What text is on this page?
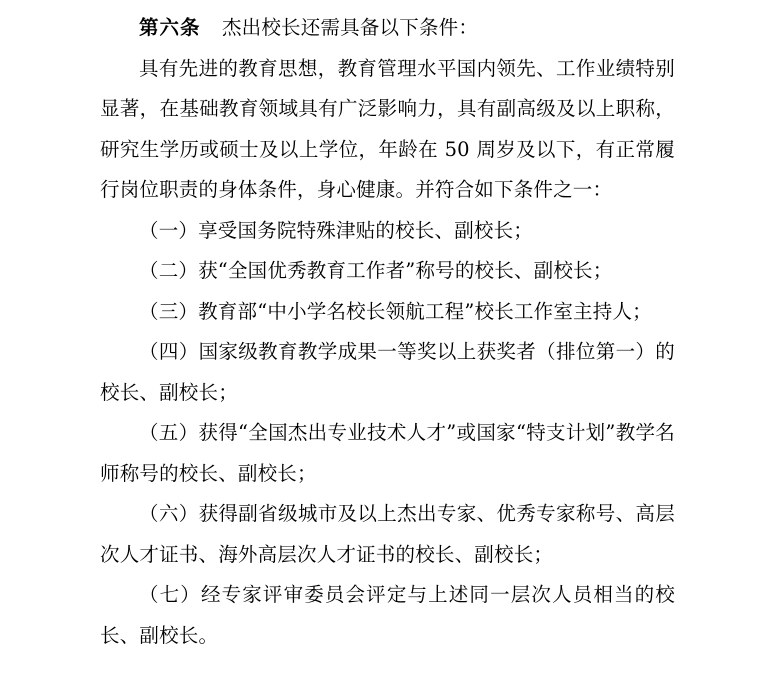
第六条 杰出校长还需具备以下条件：

具有先进的教育思想，教育管理水平国内领先、工作业绩特别显著，在基础教育领域具有广泛影响力，具有副高级及以上职称，研究生学历或硕士及以上学位，年龄在 50 周岁及以下，有正常履行岗位职责的身体条件，身心健康。并符合如下条件之一：

（一）享受国务院特殊津贴的校长、副校长；

（二）获“全国优秀教育工作者”称号的校长、副校长；

（三）教育部“中小学名校长领航工程”校长工作室主持人；

（四）国家级教育教学成果一等奖以上获奖者（排位第一）的校长、副校长；

（五）获得“全国杰出专业技术人才”或国家“特支计划”教学名师称号的校长、副校长；

（六）获得副省级城市及以上杰出专家、优秀专家称号、高层次人才证书、海外高层次人才证书的校长、副校长；

（七）经专家评审委员会评定与上述同一层次人员相当的校长、副校长。
